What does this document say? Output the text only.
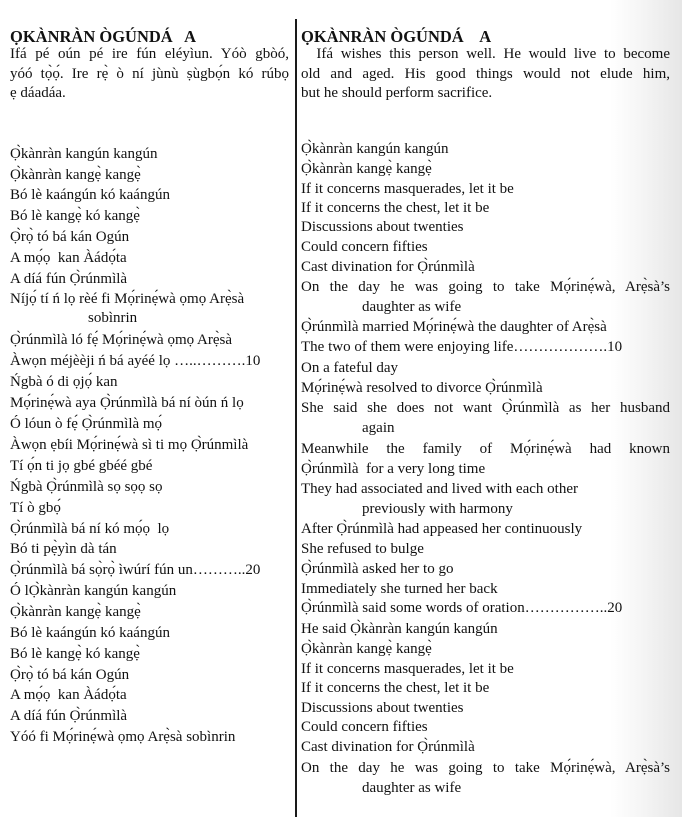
ỌKÀNRÀN ÒGÚNDÁ   A
Ifá pé oún pé ire fún eléyìun. Yóò gbòó,
yóó tọ̀ọ́. Ire rẹ̀ ò ní jùnù ṣùgbọ́n kó rúbọ
ẹ dáadáa.
Ọ̀kànràn kangún kangún
Ọ̀kànràn kangẹ̀ kangẹ̀
Bó lè kaángún kó kaángún
Bó lè kangẹ̀ kó kangẹ̀
Ọ̀rọ̀ tó bá kán Ogún
A mọ́ọ  kan Àádọ́ta
A díá fún Ọ̀rúnmìlà
Níjọ́ tí ń lọ rèé fi Mọ́rinẹ́wà ọmọ Arẹ̀sà
sobìnrin
Ọ̀rúnmìlà ló fẹ́ Mọ́rinẹ́wà ọmọ Arẹ̀sà
Àwọn méjèèji ń bá ayéé lọ …..……….10
Ńgbà ó di ọjọ́ kan
Mọ́rinẹ́wà aya Ọ̀rúnmìlà bá ní òún ń lọ
Ó lóun ò fẹ́ Ọ̀rúnmìlà mọ́
Àwọn ẹbíi Mọ́rinẹ́wà sì ti mọ Ọ̀rúnmìlà
Tí ọ́n ti jọ gbé gbéé gbé
Ńgbà Ọ̀rúnmìlà sọ sọọ sọ
Tí ò gbọ́
Ọ̀rúnmìlà bá ní kó mọ́ọ  lọ
Bó ti pẹ̀yìn dà tán
Ọ̀rúnmìlà bá sọ̀rọ̀ ìwúrí fún un………..20
Ó lỌ̀kànràn kangún kangún
Ọ̀kànràn kangẹ̀ kangẹ̀
Bó lè kaángún kó kaángún
Bó lè kangẹ̀ kó kangẹ̀
Ọ̀rọ̀ tó bá kán Ogún
A mọ́ọ  kan Àádọ́ta
A díá fún Ọ̀rúnmìlà
Yóó fi Mọ́rinẹ́wà ọmọ Arẹ̀sà sobìnrin
ỌKÀNRÀN ÒGÚNDÁ    A
Ifá wishes this person well. He would live to become
old and aged. His good things would not elude him,
but he should perform sacrifice.
Ọ̀kànràn kangún kangún
Ọ̀kànràn kangẹ̀ kangẹ̀
If it concerns masquerades, let it be
If it concerns the chest, let it be
Discussions about twenties
Could concern fifties
Cast divination for Ọ̀rúnmìlà
On the day he was going to take Mọ́rinẹ́wà, Arẹ̀sà’s
daughter as wife
Ọ̀rúnmìlà married Mọ́rinẹ́wà the daughter of Arẹ̀sà
The two of them were enjoying life……………….10
On a fateful day
Mọ́rinẹ́wà resolved to divorce Ọ̀rúnmìlà
She said she does not want Ọ̀rúnmìlà as her husband
again
Meanwhile the family of Mọ́rinẹ́wà had known
Ọ̀rúnmìlà  for a very long time
They had associated and lived with each other
previously with harmony
After Ọ̀rúnmìlà had appeased her continuously
She refused to bulge
Ọ̀rúnmìlà asked her to go
Immediately she turned her back
Ọ̀rúnmìlà said some words of oration……………..20
He said Ọ̀kànràn kangún kangún
Ọ̀kànràn kangẹ̀ kangẹ̀
If it concerns masquerades, let it be
If it concerns the chest, let it be
Discussions about twenties
Could concern fifties
Cast divination for Ọ̀rúnmìlà
On the day he was going to take Mọ́rinẹ́wà, Arẹ̀sà’s
daughter as wife
